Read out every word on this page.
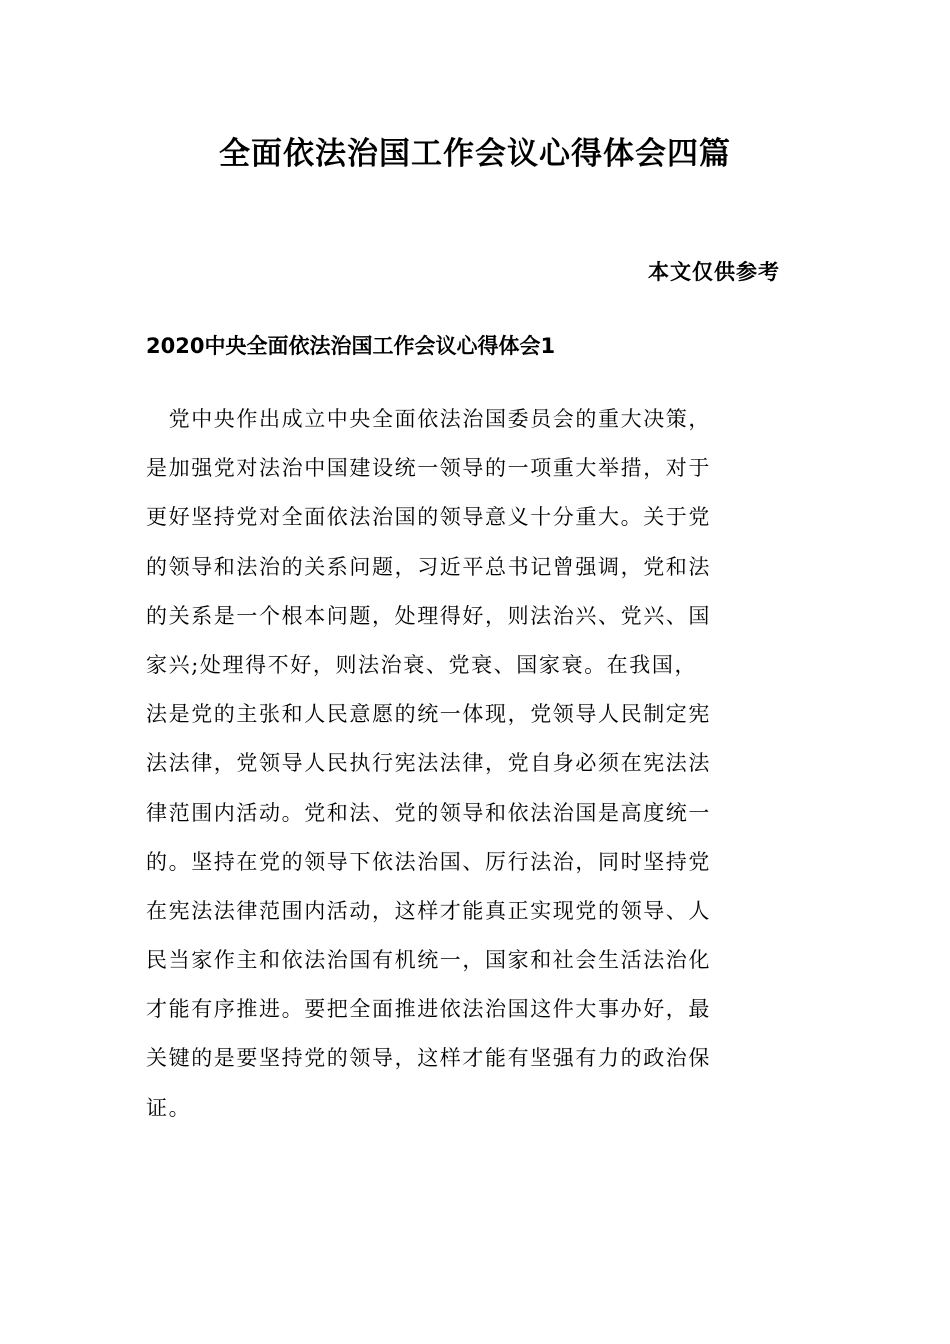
全面依法治国工作会议心得体会四篇
本文仅供参考
2020中央全面依法治国工作会议心得体会1
　党中央作出成立中央全面依法治国委员会的重大决策，
是加强党对法治中国建设统一领导的一项重大举措，对于
更好坚持党对全面依法治国的领导意义十分重大。关于党
的领导和法治的关系问题，习近平总书记曾强调，党和法
的关系是一个根本问题，处理得好，则法治兴、党兴、国
家兴;处理得不好，则法治衰、党衰、国家衰。在我国，
法是党的主张和人民意愿的统一体现，党领导人民制定宪
法法律，党领导人民执行宪法法律，党自身必须在宪法法
律范围内活动。党和法、党的领导和依法治国是高度统一
的。坚持在党的领导下依法治国、厉行法治，同时坚持党
在宪法法律范围内活动，这样才能真正实现党的领导、人
民当家作主和依法治国有机统一，国家和社会生活法治化
才能有序推进。要把全面推进依法治国这件大事办好，最
关键的是要坚持党的领导，这样才能有坚强有力的政治保
证。
